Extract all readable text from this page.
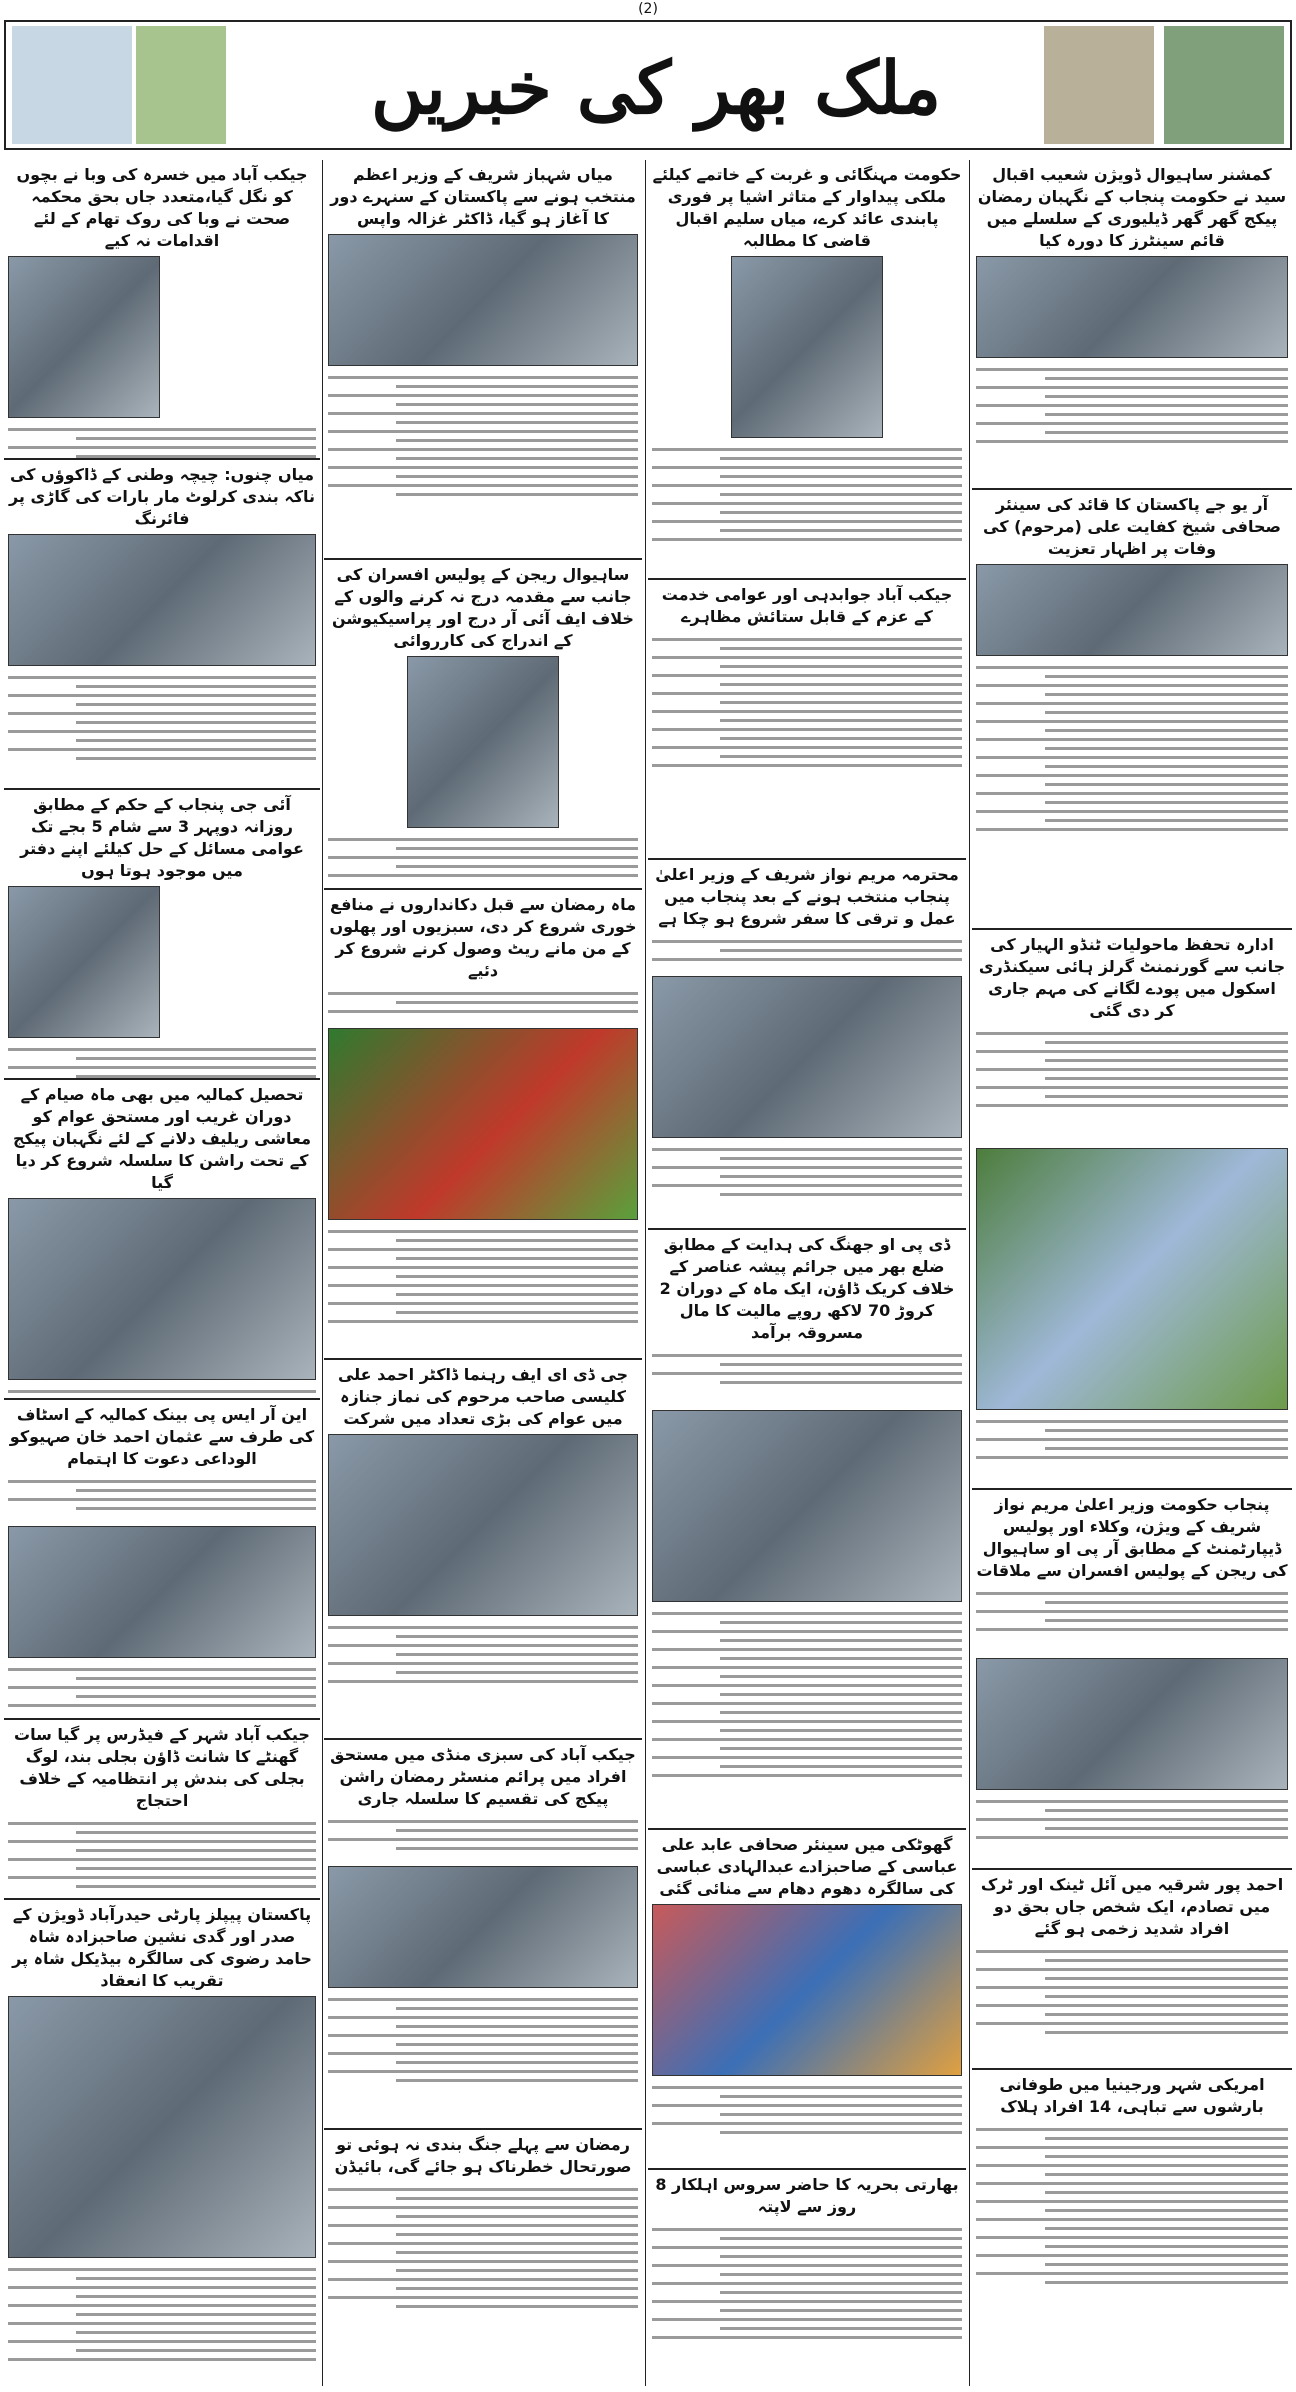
(2)
ملک بھر کی خبریں
جیکب آباد میں خسرہ کی وبا نے بچوں کو نگل گیا،متعدد جاں بحق محکمہ صحت نے وبا کی روک تھام کے لئے اقدامات نہ کیے
میاں چنوں: چیچہ وطنی کے ڈاکوؤں کی ناکہ بندی کرلوٹ مار بارات کی گاڑی پر فائرنگ
آئی جی پنجاب کے حکم کے مطابق روزانہ دوپہر 3 سے شام 5 بجے تک عوامی مسائل کے حل کیلئے اپنے دفتر میں موجود ہوتا ہوں
تحصیل کمالیہ میں بھی ماہ صیام کے دوران غریب اور مستحق عوام کو معاشی ریلیف دلانے کے لئے نگہبان پیکج کے تحت راشن کا سلسلہ شروع کر دیا گیا
این آر ایس پی بینک کمالیہ کے اسٹاف کی طرف سے عثمان احمد خان صہیوکو الوداعی دعوت کا اہتمام
جیکب آباد شہر کے فیڈرس پر گیا سات گھنٹے کا شانت ڈاؤن بجلی بند، لوگ بجلی کی بندش پر انتظامیہ کے خلاف احتجاج
پاکستان پیپلز پارٹی حیدرآباد ڈویژن کے صدر اور گدی نشین صاحبزادہ شاہ حامد رضوی کی سالگرہ بیڈیکل شاہ پر تقریب کا انعقاد
میاں شہباز شریف کے وزیر اعظم منتخب ہونے سے پاکستان کے سنہرے دور کا آغاز ہو گیا، ڈاکٹر غزالہ واپس
ساہیوال ریجن کے پولیس افسران کی جانب سے مقدمہ درج نہ کرنے والوں کے خلاف ایف آئی آر درج اور پراسیکیوشن کے اندراج کی کارروائی
ماہ رمضان سے قبل دکانداروں نے منافع خوری شروع کر دی، سبزیوں اور پھلوں کے من مانے ریٹ وصول کرنے شروع کر دئیے
جی ڈی ای ایف رہنما ڈاکٹر احمد علی کلیسی صاحب مرحوم کی نماز جنازہ میں عوام کی بڑی تعداد میں شرکت
جیکب آباد کی سبزی منڈی میں مستحق افراد میں پرائم منسٹر رمضان راشن پیکج کی تقسیم کا سلسلہ جاری
رمضان سے پہلے جنگ بندی نہ ہوئی تو صورتحال خطرناک ہو جائے گی، بائیڈن
حکومت مہنگائی و غربت کے خاتمے کیلئے ملکی پیداوار کے متاثر اشیا پر فوری پابندی عائد کرے، میاں سلیم اقبال قاضی کا مطالبہ
جیکب آباد جوابدہی اور عوامی خدمت کے عزم کے قابل ستائش مظاہرے
محترمہ مریم نواز شریف کے وزیر اعلیٰ پنجاب منتخب ہونے کے بعد پنجاب میں عمل و ترقی کا سفر شروع ہو چکا ہے
ڈی پی او جھنگ کی ہدایت کے مطابق ضلع بھر میں جرائم پیشہ عناصر کے خلاف کریک ڈاؤن، ایک ماہ کے دوران 2 کروڑ 70 لاکھ روپے مالیت کا مال مسروقہ برآمد
گھوٹکی میں سینئر صحافی عابد علی عباسی کے صاحبزادے عبدالہادی عباسی کی سالگرہ دھوم دھام سے منائی گئی
بھارتی بحریہ کا حاضر سروس اہلکار 8 روز سے لاپتہ
کمشنر ساہیوال ڈویژن شعیب اقبال سید نے حکومت پنجاب کے نگہبان رمضان پیکج گھر گھر ڈیلیوری کے سلسلے میں قائم سینٹرز کا دورہ کیا
آر یو جے پاکستان کا قائد کی سینئر صحافی شیخ کفایت علی (مرحوم) کی وفات پر اظہار تعزیت
ادارہ تحفظ ماحولیات ٹنڈو الہیار کی جانب سے گورنمنٹ گرلز ہائی سیکنڈری اسکول میں پودے لگانے کی مہم جاری کر دی گئی
پنجاب حکومت وزیر اعلیٰ مریم نواز شریف کے ویژن، وکلاء اور پولیس ڈیپارٹمنٹ کے مطابق آر پی او ساہیوال کی ریجن کے پولیس افسران سے ملاقات
احمد پور شرقیہ میں آئل ٹینک اور ٹرک میں تصادم، ایک شخص جاں بحق دو افراد شدید زخمی ہو گئے
امریکی شہر ورجینیا میں طوفانی بارشوں سے تباہی، 14 افراد ہلاک
